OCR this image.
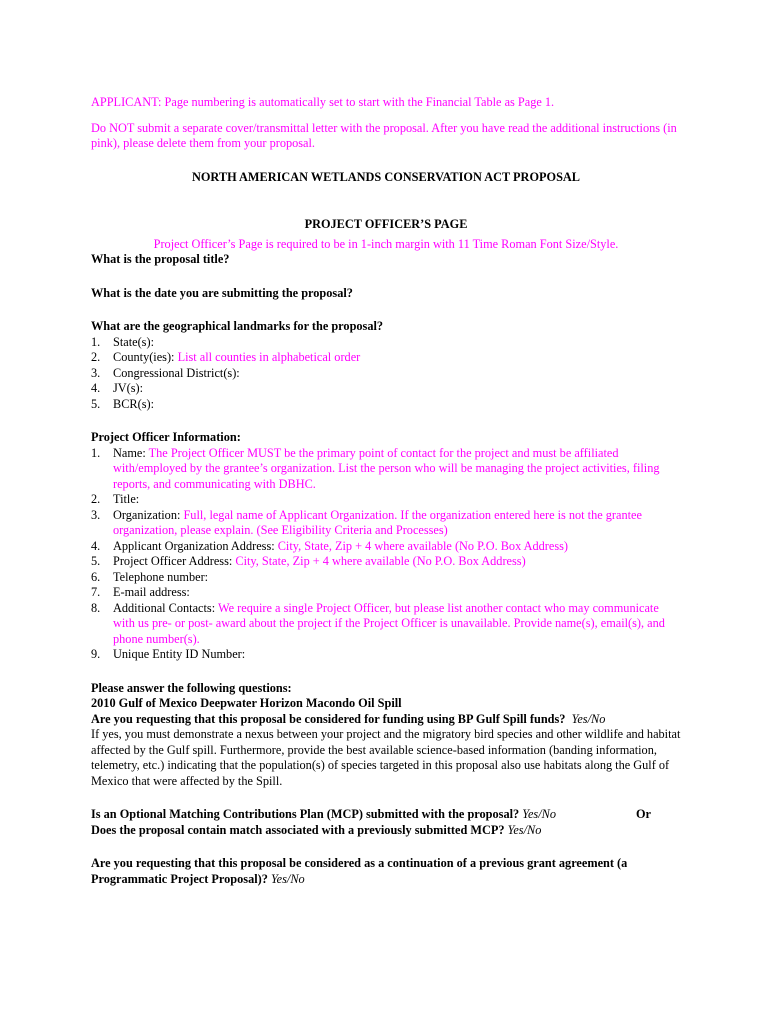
APPLICANT: Page numbering is automatically set to start with the Financial Table as Page 1.

Do NOT submit a separate cover/transmittal letter with the proposal. After you have read the additional instructions (in pink), please delete them from your proposal.

NORTH AMERICAN WETLANDS CONSERVATION ACT PROPOSAL

PROJECT OFFICER’S PAGE

Project Officer’s Page is required to be in 1-inch margin with 11 Time Roman Font Size/Style.

What is the proposal title?

What is the date you are submitting the proposal?

What are the geographical landmarks for the proposal?

1. State(s):
2. County(ies): List all counties in alphabetical order
3. Congressional District(s):
4. JV(s):
5. BCR(s):

Project Officer Information:

1. Name: The Project Officer MUST be the primary point of contact for the project and must be affiliated with/employed by the grantee’s organization. List the person who will be managing the project activities, filing reports, and communicating with DBHC.
2. Title:
3. Organization: Full, legal name of Applicant Organization. If the organization entered here is not the grantee organization, please explain. (See Eligibility Criteria and Processes)
4. Applicant Organization Address: City, State, Zip + 4 where available (No P.O. Box Address)
5. Project Officer Address: City, State, Zip + 4 where available (No P.O. Box Address)
6. Telephone number:
7. E-mail address:
8. Additional Contacts: We require a single Project Officer, but please list another contact who may communicate with us pre- or post- award about the project if the Project Officer is unavailable. Provide name(s), email(s), and phone number(s).
9. Unique Entity ID Number:

Please answer the following questions:

2010 Gulf of Mexico Deepwater Horizon Macondo Oil Spill

Are you requesting that this proposal be considered for funding using BP Gulf Spill funds? Yes/No

If yes, you must demonstrate a nexus between your project and the migratory bird species and other wildlife and habitat affected by the Gulf spill. Furthermore, provide the best available science-based information (banding information, telemetry, etc.) indicating that the population(s) of species targeted in this proposal also use habitats along the Gulf of Mexico that were affected by the Spill.

Is an Optional Matching Contributions Plan (MCP) submitted with the proposal? Yes/No	Or

Does the proposal contain match associated with a previously submitted MCP? Yes/No

Are you requesting that this proposal be considered as a continuation of a previous grant agreement (a Programmatic Project Proposal)? Yes/No
